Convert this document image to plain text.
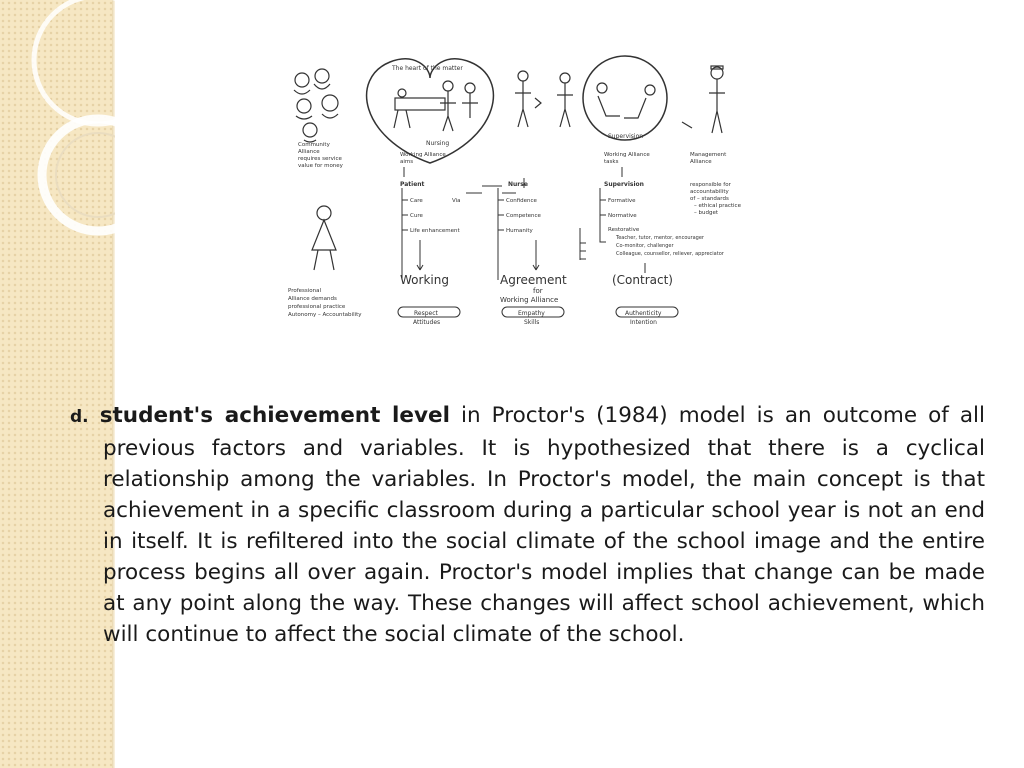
The heart of the matter
Nursing
Supervision
Community
Alliance
requires service
value for money
Working Alliance
aims
Working Alliance
tasks
Management
Alliance
Patient	Nurse	Supervision
Via
Care
Cure
Life enhancement
Confidence
Competence
Humanity
Formative
Normative
responsible for
accountability
of – standards
– ethical practice
– budget
Restorative
Teacher, tutor, mentor, encourager
Co-monitor, challenger
Colleague, counsellor, reliever, appreciator
Professional
Alliance demands
professional practice
Autonomy – Accountability
Working	Agreement
for
Working Alliance
(Contract)
Respect
Attitudes
Empathy
Skills
Authenticity
Intention
d. student's achievement level in Proctor's (1984) model is an outcome of all previous factors and variables. It is hypothesized that there is a cyclical relationship among the variables. In Proctor's model, the main concept is that achievement in a specific classroom during a particular school year is not an end in itself. It is refiltered into the social climate of the school image and the entire process begins all over again. Proctor's model implies that change can be made at any point along the way. These changes will affect school achievement, which will continue to affect the social climate of the school.
